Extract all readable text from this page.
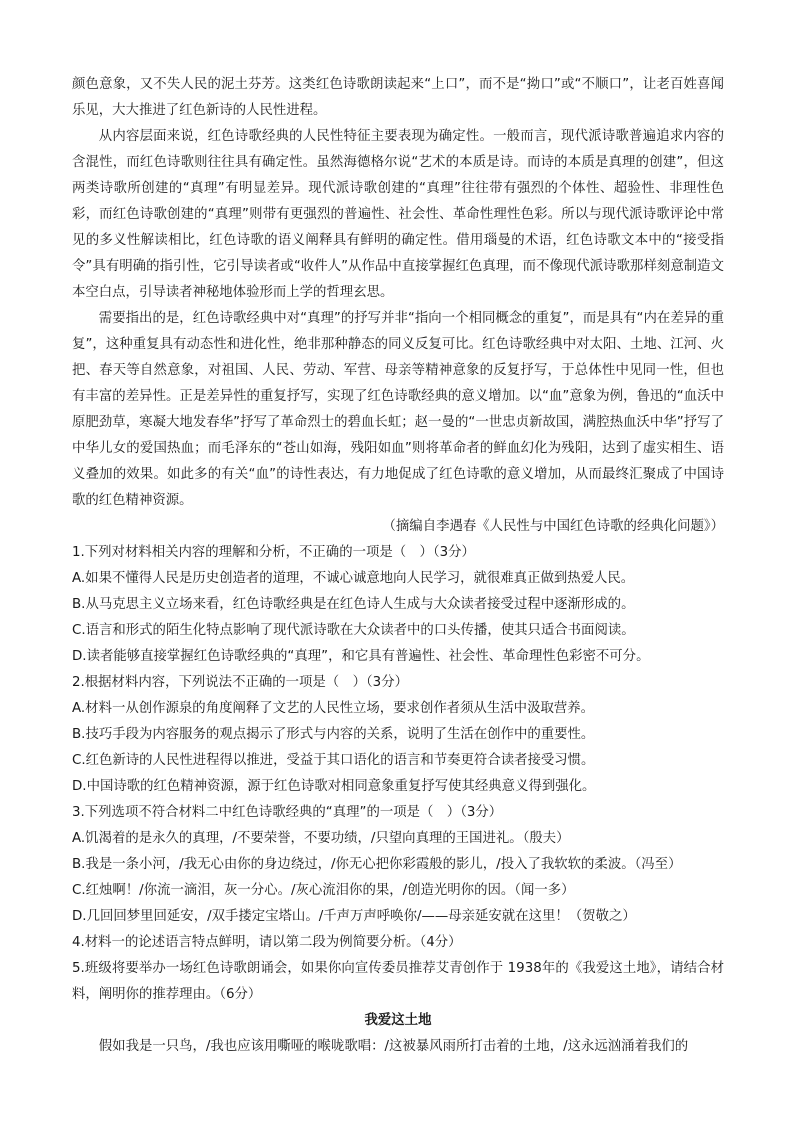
颜色意象，又不失人民的泥土芬芳。这类红色诗歌朗读起来“上口”，而不是“拗口”或“不顺口”，让老百姓喜闻乐见，大大推进了红色新诗的人民性进程。

从内容层面来说，红色诗歌经典的人民性特征主要表现为确定性。一般而言，现代派诗歌普遍追求内容的含混性，而红色诗歌则往往具有确定性。虽然海德格尔说“艺术的本质是诗。而诗的本质是真理的创建”，但这两类诗歌所创建的“真理”有明显差异。现代派诗歌创建的“真理”往往带有强烈的个体性、超验性、非理性色彩，而红色诗歌创建的“真理”则带有更强烈的普遍性、社会性、革命性理性色彩。所以与现代派诗歌评论中常见的多义性解读相比，红色诗歌的语义阐释具有鲜明的确定性。借用瑙曼的术语，红色诗歌文本中的“接受指令”具有明确的指引性，它引导读者或“收件人”从作品中直接掌握红色真理，而不像现代派诗歌那样刻意制造文本空白点，引导读者神秘地体验形而上学的哲理玄思。

需要指出的是，红色诗歌经典中对“真理”的抒写并非“指向一个相同概念的重复”，而是具有“内在差异的重复”，这种重复具有动态性和进化性，绝非那种静态的同义反复可比。红色诗歌经典中对太阳、土地、江河、火把、春天等自然意象，对祖国、人民、劳动、军营、母亲等精神意象的反复抒写，于总体性中见同一性，但也有丰富的差异性。正是差异性的重复抒写，实现了红色诗歌经典的意义增加。以“血”意象为例，鲁迅的“血沃中原肥劲草，寒凝大地发春华”抒写了革命烈士的碧血长虹；赵一曼的“一世忠贞新故国，满腔热血沃中华”抒写了中华儿女的爱国热血；而毛泽东的“苍山如海，残阳如血”则将革命者的鲜血幻化为残阳，达到了虚实相生、语义叠加的效果。如此多的有关“血”的诗性表达，有力地促成了红色诗歌的意义增加，从而最终汇聚成了中国诗歌的红色精神资源。

（摘编自李遇春《人民性与中国红色诗歌的经典化问题》）

1.下列对材料相关内容的理解和分析，不正确的一项是（　）（3分）

A.如果不懂得人民是历史创造者的道理，不诚心诚意地向人民学习，就很难真正做到热爱人民。

B.从马克思主义立场来看，红色诗歌经典是在红色诗人生成与大众读者接受过程中逐渐形成的。

C.语言和形式的陌生化特点影响了现代派诗歌在大众读者中的口头传播，使其只适合书面阅读。

D.读者能够直接掌握红色诗歌经典的“真理”，和它具有普遍性、社会性、革命理性色彩密不可分。

2.根据材料内容，下列说法不正确的一项是（　）（3分）

A.材料一从创作源泉的角度阐释了文艺的人民性立场，要求创作者须从生活中汲取营养。

B.技巧手段为内容服务的观点揭示了形式与内容的关系，说明了生活在创作中的重要性。

C.红色新诗的人民性进程得以推进，受益于其口语化的语言和节奏更符合读者接受习惯。

D.中国诗歌的红色精神资源，源于红色诗歌对相同意象重复抒写使其经典意义得到强化。

3.下列选项不符合材料二中红色诗歌经典的“真理”的一项是（　）（3分）

A.饥渴着的是永久的真理，/不要荣誉，不要功绩，/只望向真理的王国进礼。（殷夫）

B.我是一条小河，/我无心由你的身边绕过，/你无心把你彩霞般的影儿，/投入了我软软的柔波。（冯至）

C.红烛啊！/你流一滴泪，灰一分心。/灰心流泪你的果，/创造光明你的因。（闻一多）

D.几回回梦里回延安，/双手搂定宝塔山。/千声万声呼唤你/——母亲延安就在这里！（贺敬之）

4.材料一的论述语言特点鲜明，请以第二段为例简要分析。（4分）

5.班级将要举办一场红色诗歌朗诵会，如果你向宣传委员推荐艾青创作于 1938年的《我爱这土地》，请结合材料，阐明你的推荐理由。（6分）

我爱这土地

假如我是一只鸟，/我也应该用嘶哑的喉咙歌唱：/这被暴风雨所打击着的土地，/这永远汹涌着我们的
